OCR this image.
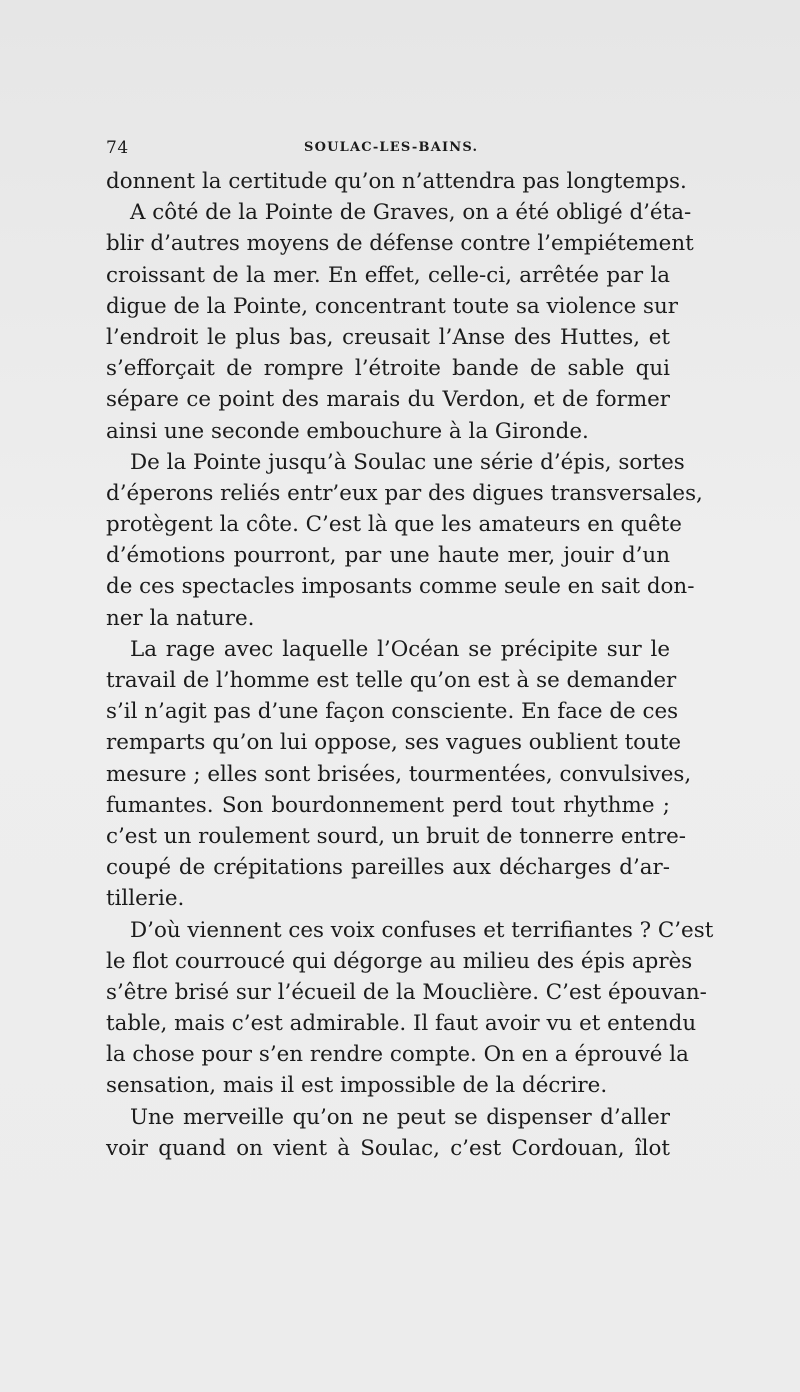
74	SOULAC-LES-BAINS.
donnent la certitude qu’on n’attendra pas longtemps.
A côté de la Pointe de Graves, on a été obligé d’éta-
blir d’autres moyens de défense contre l’empiétement
croissant de la mer. En effet, celle-ci, arrêtée par la
digue de la Pointe, concentrant toute sa violence sur
l’endroit le plus bas, creusait l’Anse des Huttes, et
s’efforçait de rompre l’étroite bande de sable qui
sépare ce point des marais du Verdon, et de former
ainsi une seconde embouchure à la Gironde.
De la Pointe jusqu’à Soulac une série d’épis, sortes
d’éperons reliés entr’eux par des digues transversales,
protègent la côte. C’est là que les amateurs en quête
d’émotions pourront, par une haute mer, jouir d’un
de ces spectacles imposants comme seule en sait don-
ner la nature.
La rage avec laquelle l’Océan se précipite sur le
travail de l’homme est telle qu’on est à se demander
s’il n’agit pas d’une façon consciente. En face de ces
remparts qu’on lui oppose, ses vagues oublient toute
mesure ; elles sont brisées, tourmentées, convulsives,
fumantes. Son bourdonnement perd tout rhythme ;
c’est un roulement sourd, un bruit de tonnerre entre-
coupé de crépitations pareilles aux décharges d’ar-
tillerie.
D’où viennent ces voix confuses et terrifiantes ? C’est
le flot courroucé qui dégorge au milieu des épis après
s’être brisé sur l’écueil de la Mouclière. C’est épouvan-
table, mais c’est admirable. Il faut avoir vu et entendu
la chose pour s’en rendre compte. On en a éprouvé la
sensation, mais il est impossible de la décrire.
Une merveille qu’on ne peut se dispenser d’aller
voir quand on vient à Soulac, c’est Cordouan, îlot
